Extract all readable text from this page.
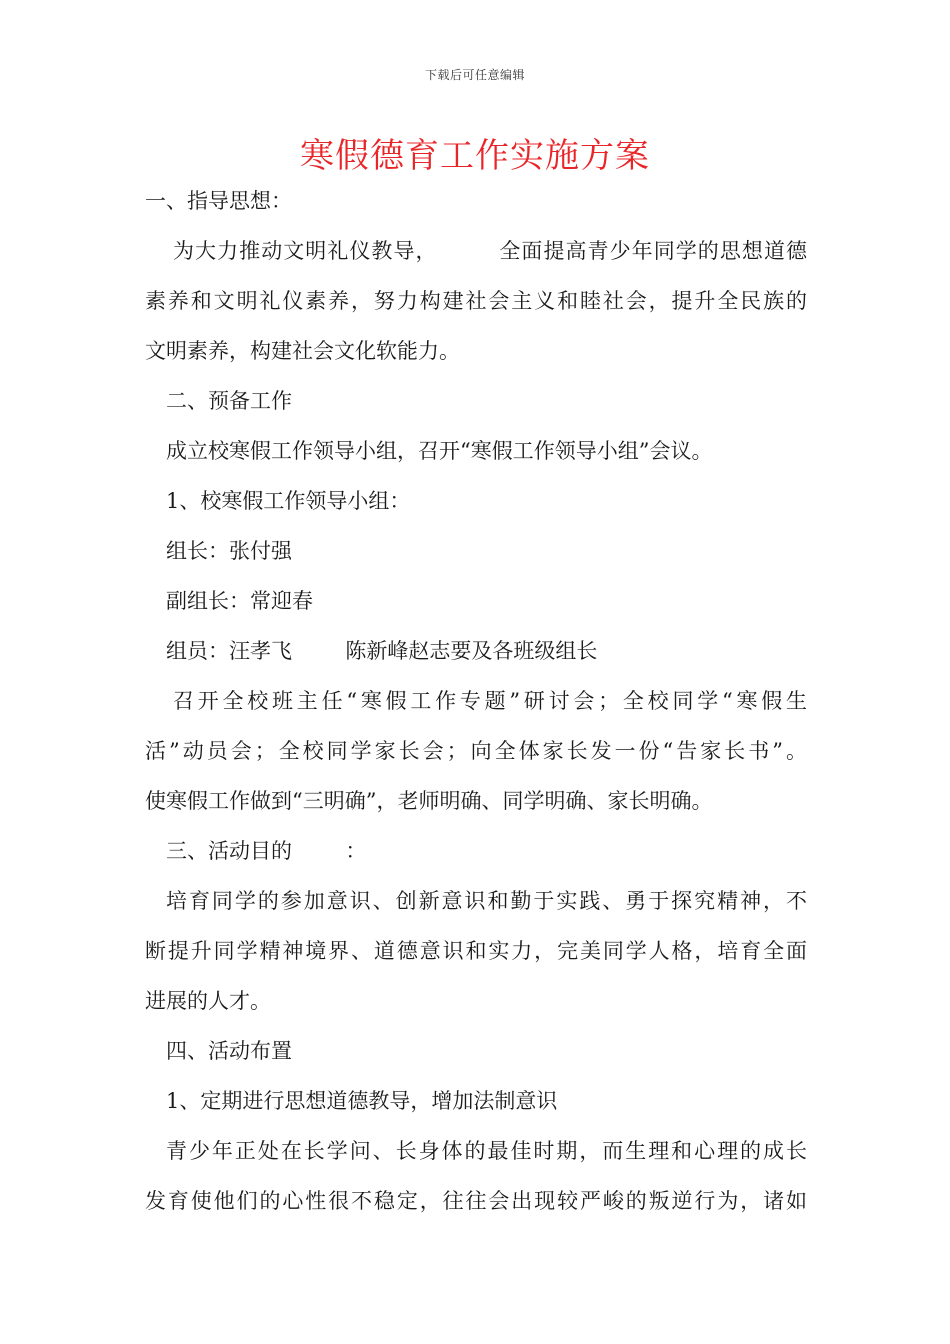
下载后可任意编辑
寒假德育工作实施方案
一、指导思想：
为大力推动文明礼仪教导，        全面提高青少年同学的思想道德
素养和文明礼仪素养，努力构建社会主义和睦社会，提升全民族的
文明素养，构建社会文化软能力。
二、预备工作
成立校寒假工作领导小组，召开“寒假工作领导小组”会议。
1、校寒假工作领导小组：
组长：张付强
副组长：常迎春
组员：汪孝飞        陈新峰赵志要及各班级组长
召开全校班主任“寒假工作专题”研讨会；全校同学“寒假生
活”动员会；全校同学家长会；向全体家长发一份“告家长书”。
使寒假工作做到“三明确”，老师明确、同学明确、家长明确。
三、活动目的        ：
培育同学的参加意识、创新意识和勤于实践、勇于探究精神，不
断提升同学精神境界、道德意识和实力，完美同学人格，培育全面
进展的人才。
四、活动布置
1、定期进行思想道德教导，增加法制意识
青少年正处在长学问、长身体的最佳时期，而生理和心理的成长
发育使他们的心性很不稳定，往往会出现较严峻的叛逆行为，诸如
